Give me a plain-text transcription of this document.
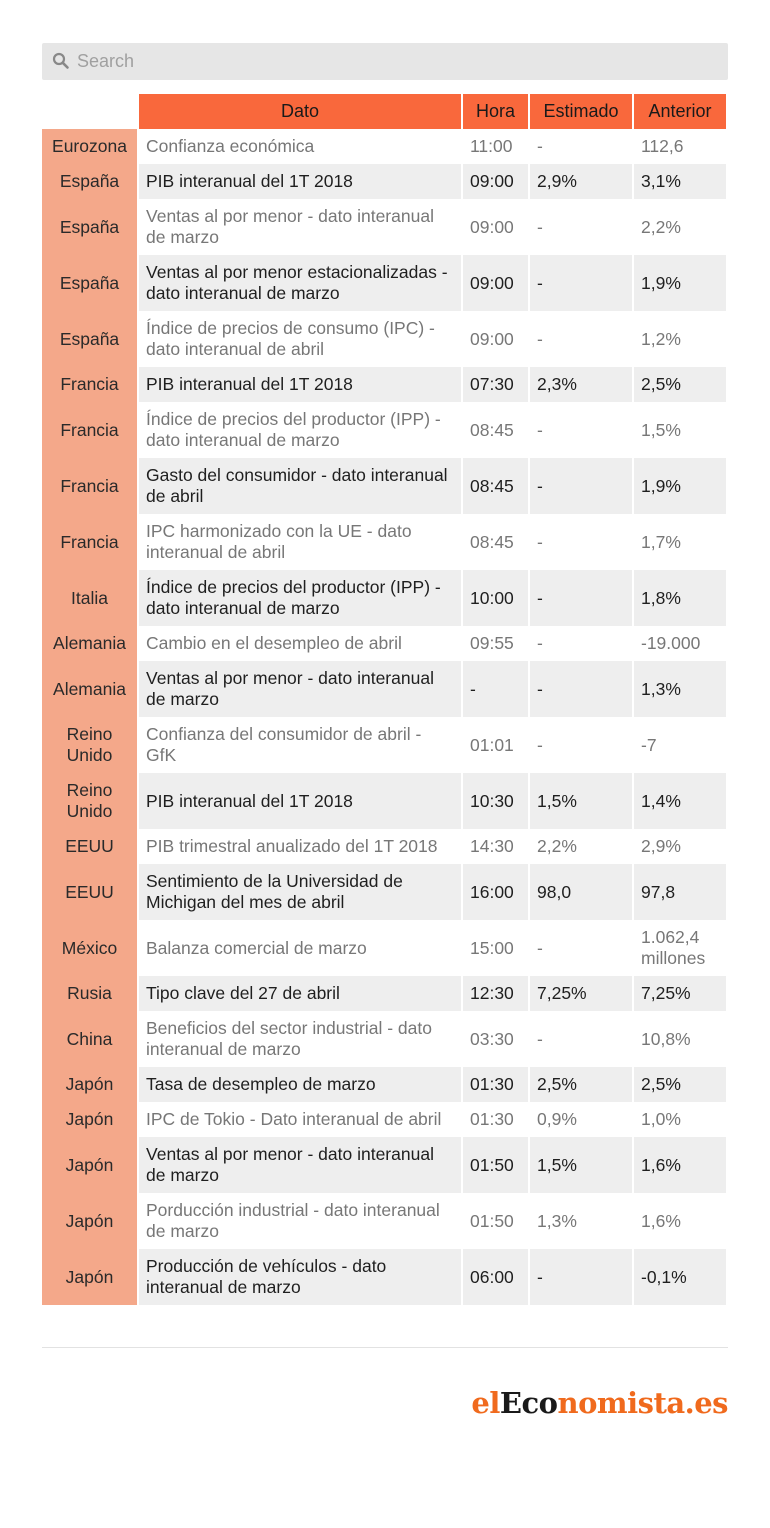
Search
	Dato	Hora	Estimado	Anterior
Eurozona	Confianza económica	11:00	-	112,6
España	PIB interanual del 1T 2018	09:00	2,9%	3,1%
España	Ventas al por menor - dato interanual de marzo	09:00	-	2,2%
España	Ventas al por menor estacionalizadas - dato interanual de marzo	09:00	-	1,9%
España	Índice de precios de consumo (IPC) - dato interanual de abril	09:00	-	1,2%
Francia	PIB interanual del 1T 2018	07:30	2,3%	2,5%
Francia	Índice de precios del productor (IPP) - dato interanual de marzo	08:45	-	1,5%
Francia	Gasto del consumidor - dato interanual de abril	08:45	-	1,9%
Francia	IPC harmonizado con la UE - dato interanual de abril	08:45	-	1,7%
Italia	Índice de precios del productor (IPP) - dato interanual de marzo	10:00	-	1,8%
Alemania	Cambio en el desempleo de abril	09:55	-	-19.000
Alemania	Ventas al por menor - dato interanual de marzo	-	-	1,3%
Reino Unido	Confianza del consumidor de abril - GfK	01:01	-	-7
Reino Unido	PIB interanual del 1T 2018	10:30	1,5%	1,4%
EEUU	PIB trimestral anualizado del 1T 2018	14:30	2,2%	2,9%
EEUU	Sentimiento de la Universidad de Michigan del mes de abril	16:00	98,0	97,8
México	Balanza comercial de marzo	15:00	-	1.062,4 millones
Rusia	Tipo clave del 27 de abril	12:30	7,25%	7,25%
China	Beneficios del sector industrial - dato interanual de marzo	03:30	-	10,8%
Japón	Tasa de desempleo de marzo	01:30	2,5%	2,5%
Japón	IPC de Tokio - Dato interanual de abril	01:30	0,9%	1,0%
Japón	Ventas al por menor - dato interanual de marzo	01:50	1,5%	1,6%
Japón	Porducción industrial - dato interanual de marzo	01:50	1,3%	1,6%
Japón	Producción de vehículos - dato interanual de marzo	06:00	-	-0,1%
elEconomista.es
